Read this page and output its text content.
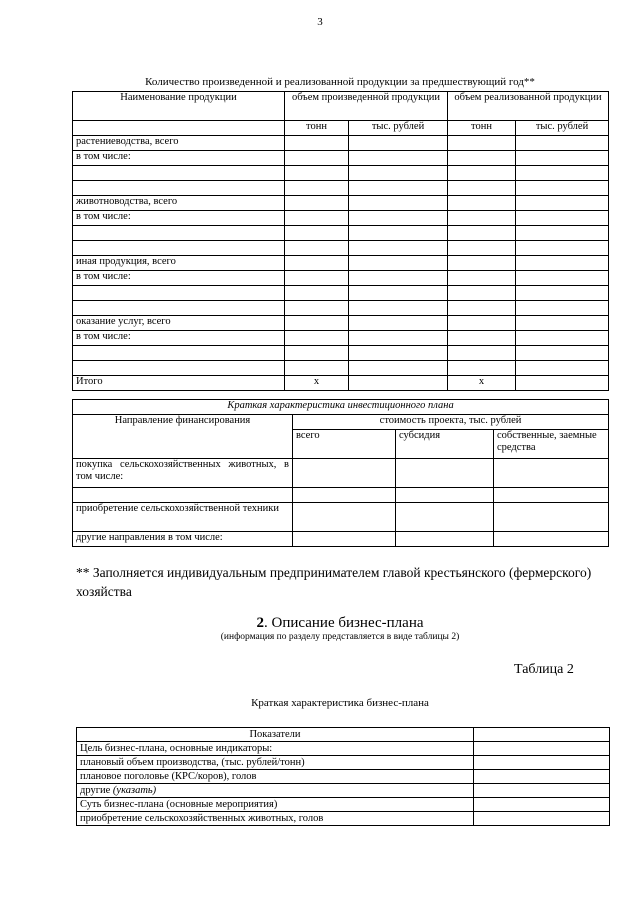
3
Количество произведенной и реализованной продукции за предшествующий год**
Наименование продукции	объем произведенной продукции		объем реализованной продукции	

	тонн	тыс. рублей	тонн	тыс. рублей
растениеводства, всего				
в том числе:				

животноводства, всего				
в том числе:				

иная продукция, всего				
в том числе:				

оказание услуг, всего				
в том числе:				

Итого	x		x	
Краткая характеристика инвестиционного плана			
Направление финансирования	стоимость проекта, тыс. рублей		
	всего	субсидия	собственные, заемные средства
покупка сельскохозяйственных животных, в том числе:			

приобретение сельскохозяйственной техники			
другие направления в том числе:			
** Заполняется индивидуальным предпринимателем главой крестьянского (фермерского) хозяйства
2. Описание бизнес-плана
(информация по разделу представляется в виде таблицы 2)
Таблица 2
Краткая характеристика бизнес-плана
Показатели	
Цель бизнес-плана, основные индикаторы:	
плановый объем производства, (тыс. рублей/тонн)	
плановое поголовье (КРС/коров), голов	
другие (указать)	
Суть бизнес-плана (основные мероприятия)	
приобретение сельскохозяйственных животных, голов	
